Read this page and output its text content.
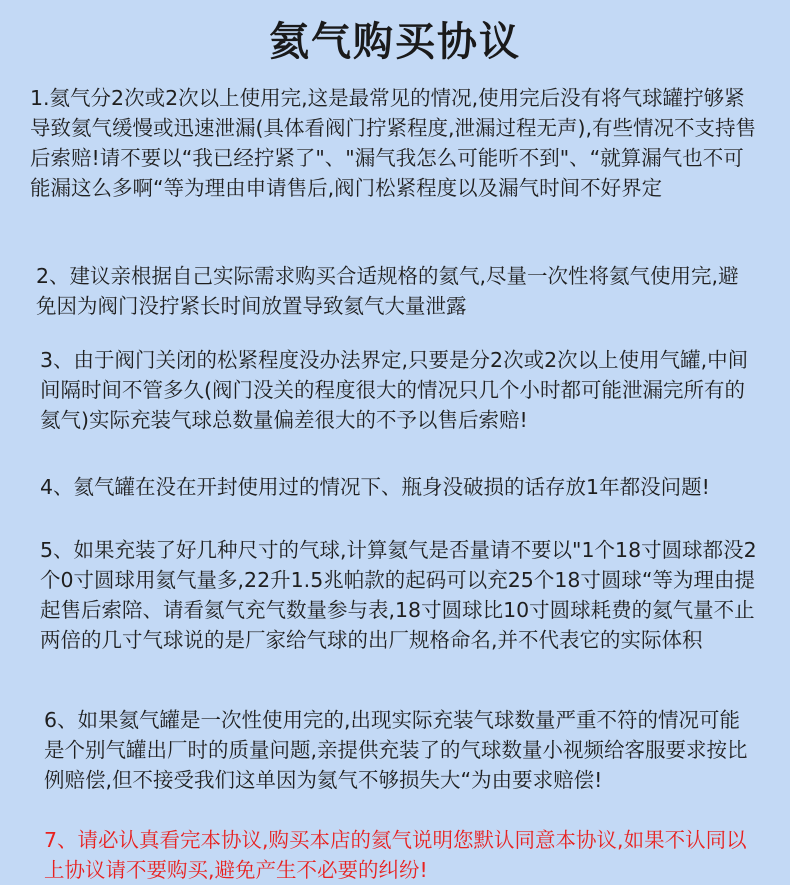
氦气购买协议
1.氦气分2次或2次以上使用完,这是最常见的情况,使用完后没有将气球罐拧够紧导致氦气缓慢或迅速泄漏(具体看阀门拧紧程度,泄漏过程无声),有些情况不支持售后索赔!请不要以“我已经拧紧了"、"漏气我怎么可能听不到"、“就算漏气也不可能漏这么多啊“等为理由申请售后,阀门松紧程度以及漏气时间不好界定
2、建议亲根据自己实际需求购买合适规格的氦气,尽量一次性将氦气使用完,避免因为阀门没拧紧长时间放置导致氦气大量泄露
3、由于阀门关闭的松紧程度没办法界定,只要是分2次或2次以上使用气罐,中间间隔时间不管多久(阀门没关的程度很大的情况只几个小时都可能泄漏完所有的氦气)实际充装气球总数量偏差很大的不予以售后索赔!
4、氦气罐在没在开封使用过的情况下、瓶身没破损的话存放1年都没问题!
5、如果充装了好几种尺寸的气球,计算氦气是否量请不要以"1个18寸圆球都没2个0寸圆球用氦气量多,22升1.5兆帕款的起码可以充25个18寸圆球“等为理由提起售后索陪、请看氦气充气数量参与表,18寸圆球比10寸圆球耗费的氦气量不止两倍的几寸气球说的是厂家给气球的出厂规格命名,并不代表它的实际体积
6、如果氦气罐是一次性使用完的,出现实际充装气球数量严重不符的情况可能是个别气罐出厂时的质量问题,亲提供充装了的气球数量小视频给客服要求按比例赔偿,但不接受我们这单因为氦气不够损失大“为由要求赔偿!
7、请必认真看完本协议,购买本店的氦气说明您默认同意本协议,如果不认同以上协议请不要购买,避免产生不必要的纠纷!
